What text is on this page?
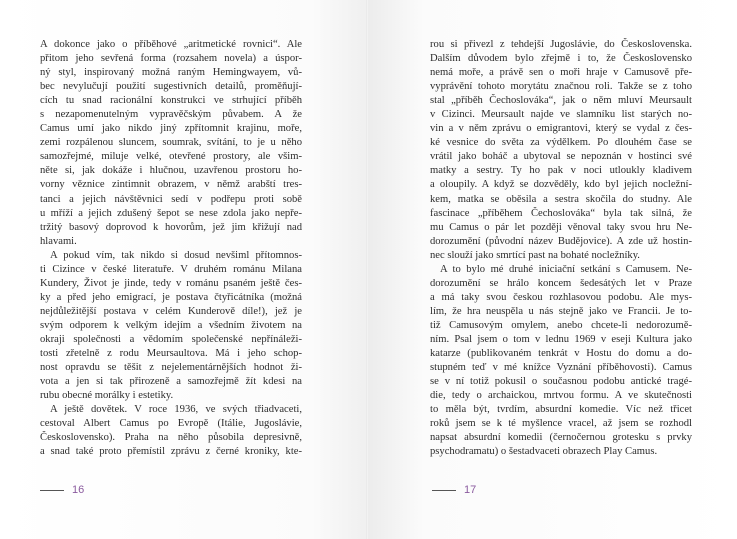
A dokonce jako o příběhové „aritmetické rovnici“. Ale
přitom jeho sevřená forma (rozsahem novela) a úspor-
ný styl, inspirovaný možná raným Hemingwayem, vů-
bec nevylučují použití sugestivních detailů, proměňují-
cích tu snad racionální konstrukci ve strhující příběh
s nezapomenutelným vypravěčským půvabem. A že
Camus umí jako nikdo jiný zpřítomnit krajinu, moře,
zemi rozpálenou sluncem, soumrak, svítání, to je u něho
samozřejmé, miluje velké, otevřené prostory, ale všim-
něte si, jak dokáže i hlučnou, uzavřenou prostoru ho-
vorny věznice zintimnit obrazem, v němž arabští tres-
tanci a jejich návštěvnici sedí v podřepu proti sobě
u mříží a jejich zdušený šepot se nese zdola jako nepře-
tržitý basový doprovod k hovorům, jež jim křižují nad
hlavami.
A pokud vím, tak nikdo si dosud nevšiml přítomnos-
ti Cizince v české literatuře. V druhém románu Milana
Kundery, Život je jinde, tedy v románu psaném ještě čes-
ky a před jeho emigrací, je postava čtyřicátníka (možná
nejdůležitější postava v celém Kunderově díle!), jež je
svým odporem k velkým idejím a všedním životem na
okraji společnosti a vědomím společenské nepřínáleži-
tosti zřetelně z rodu Meursaultova. Má i jeho schop-
nost opravdu se těšit z nejelementárnějších hodnot ži-
vota a jen si tak přirozeně a samozřejmě žít kdesi na
rubu obecné morálky i estetiky.
A ještě dovětek. V roce 1936, ve svých třiadvaceti,
cestoval Albert Camus po Evropě (Itálie, Jugoslávie,
Československo). Praha na něho působila depresivně,
a snad také proto přemístil zprávu z černé kroniky, kte-
16
rou si přivezl z tehdejší Jugoslávie, do Československa.
Dalším důvodem bylo zřejmě i to, že Československo
nemá moře, a právě sen o moři hraje v Camusově pře-
vyprávění tohoto morytátu značnou roli. Takže se z toho
stal „příběh Čechoslováka“, jak o něm mluví Meursault
v Cizinci. Meursault najde ve slamníku list starých no-
vin a v něm zprávu o emigrantovi, který se vydal z čes-
ké vesnice do světa za výdělkem. Po dlouhém čase se
vrátil jako boháč a ubytoval se nepoznán v hostinci své
matky a sestry. Ty ho pak v noci utloukly kladivem
a oloupily. A když se dozvěděly, kdo byl jejich nocležní-
kem, matka se oběsila a sestra skočila do studny. Ale
fascinace „příběhem Čechoslováka“ byla tak silná, že
mu Camus o pár let později věnoval taky svou hru Ne-
dorozumění (původní název Budějovice). A zde už hostin-
nec slouží jako smrtící past na bohaté nocležníky.
A to bylo mé druhé iniciační setkání s Camusem. Ne-
dorozumění se hrálo koncem šedesátých let v Praze
a má taky svou českou rozhlasovou podobu. Ale mys-
lím, že hra neuspěla u nás stejně jako ve Francii. Je to-
tiž Camusovým omylem, anebo chcete-li nedorozumě-
ním. Psal jsem o tom v lednu 1969 v eseji Kultura jako
katarze (publikovaném tenkrát v Hostu do domu a do-
stupném teď v mé knížce Vyznání příběhovosti). Camus
se v ní totiž pokusil o současnou podobu antické tragé-
die, tedy o archaickou, mrtvou formu. A ve skutečnosti
to měla být, tvrdím, absurdní komedie. Víc než třicet
roků jsem se k té myšlence vracel, až jsem se rozhodl
napsat absurdní komedii (černočernou grotesku s prvky
psychodramatu) o šestadvaceti obrazech Play Camus.
17
